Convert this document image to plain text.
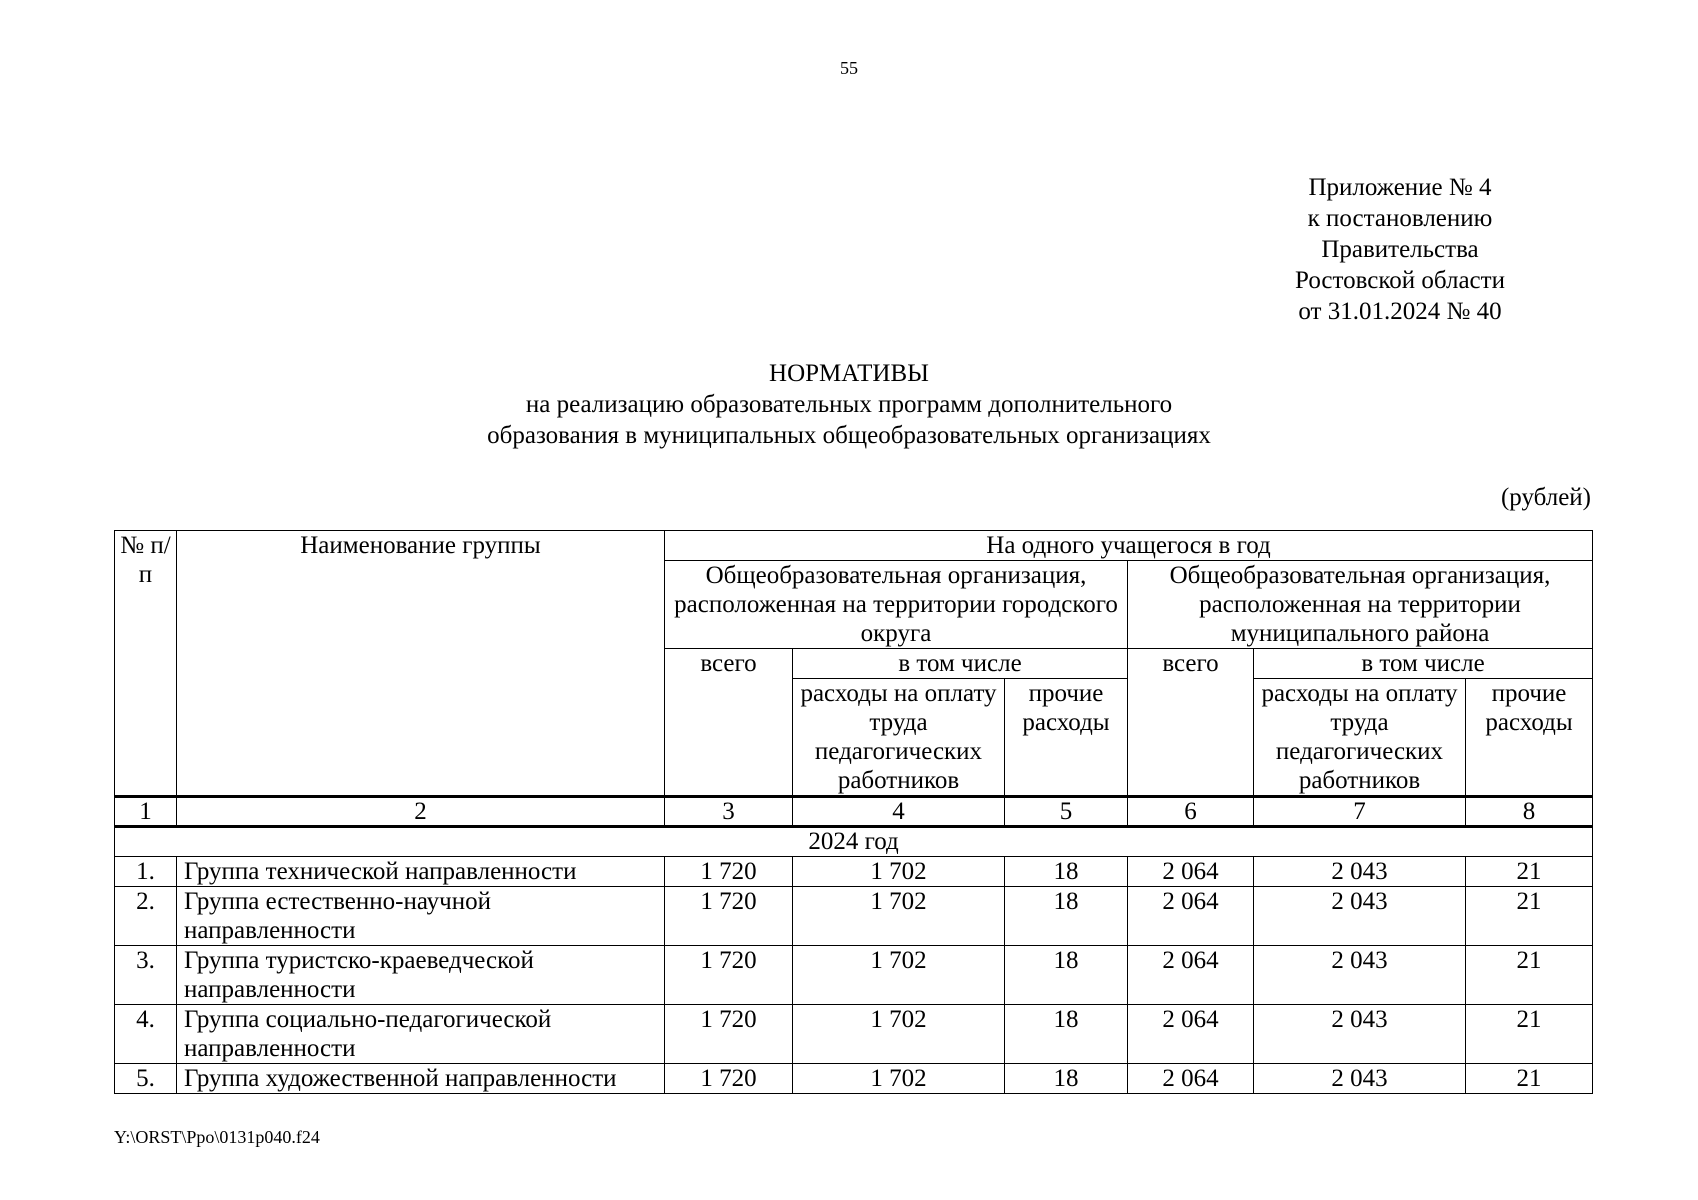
55
Приложение № 4
к постановлению
Правительства
Ростовской области
от 31.01.2024 № 40
НОРМАТИВЫ
на реализацию образовательных программ дополнительного
образования в муниципальных общеобразовательных организациях
(рублей)
№ п/п	Наименование группы	На одного учащегося в год					
		Общеобразовательная организация, расположенная на территории городского округа			Общеобразовательная организация, расположенная на территории муниципального района		
		всего	в том числе		всего	в том числе	
			расходы на оплату труда педагогических работников	прочие расходы		расходы на оплату труда педагогических работников	прочие расходы
1	2	3	4	5	6	7	8
2024 год							
1.	Группа технической направленности	1 720	1 702	18	2 064	2 043	21
2.	Группа естественно-научной направленности	1 720	1 702	18	2 064	2 043	21
3.	Группа туристско-краеведческой направленности	1 720	1 702	18	2 064	2 043	21
4.	Группа социально-педагогической направленности	1 720	1 702	18	2 064	2 043	21
5.	Группа художественной направленности	1 720	1 702	18	2 064	2 043	21
Y:\ORST\Ppo\0131p040.f24
